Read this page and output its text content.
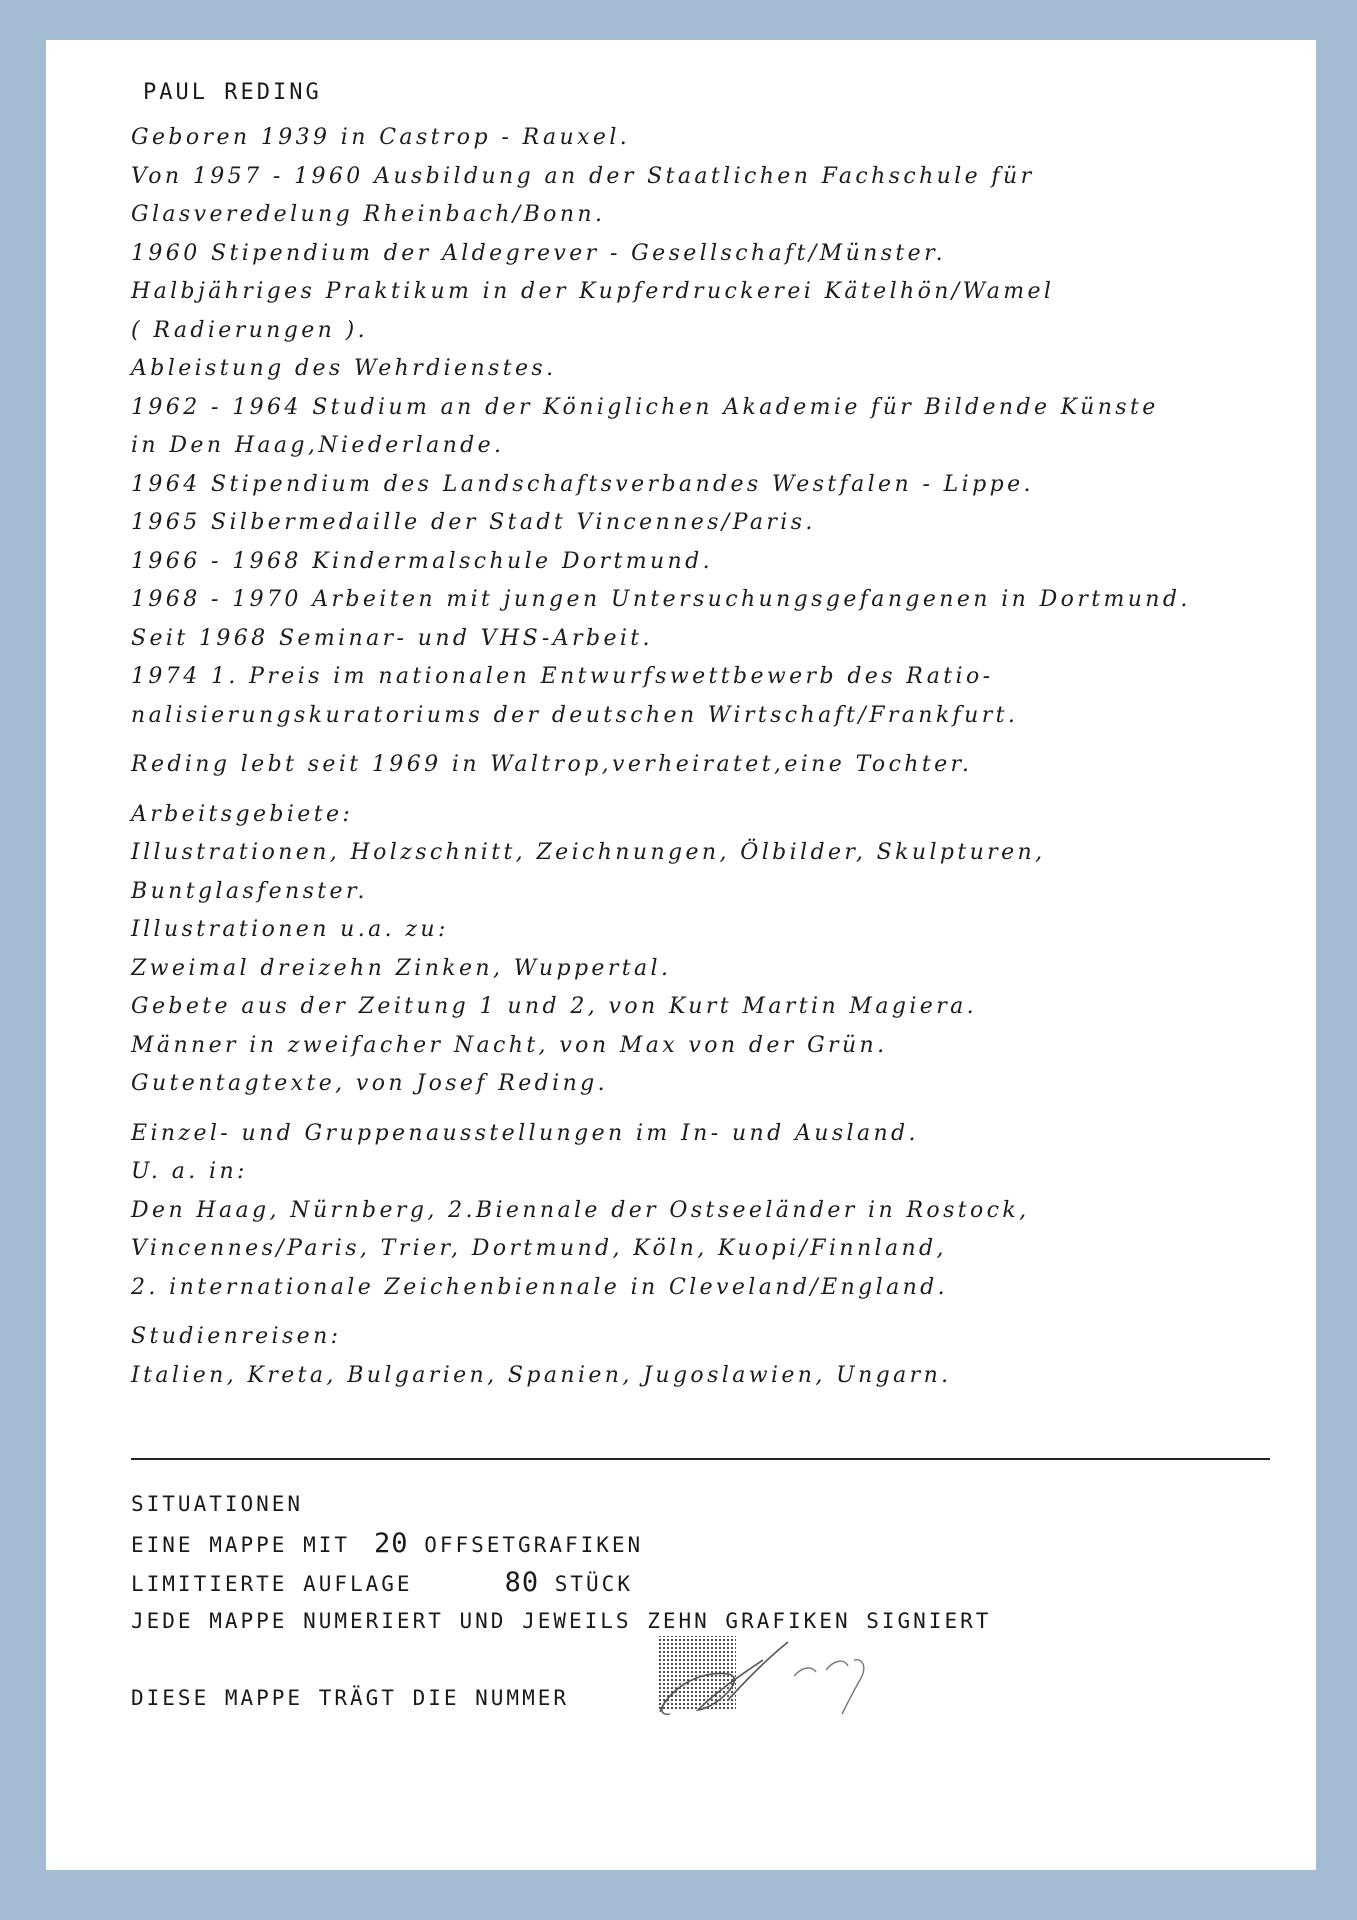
PAUL REDING
Geboren 1939 in Castrop - Rauxel.
Von 1957 - 1960 Ausbildung an der Staatlichen Fachschule für
Glasveredelung Rheinbach/Bonn.
1960 Stipendium der Aldegrever - Gesellschaft/Münster.
Halbjähriges Praktikum in der Kupferdruckerei Kätelhön/Wamel
( Radierungen ).
Ableistung des Wehrdienstes.
1962 - 1964 Studium an der Königlichen Akademie für Bildende Künste
in Den Haag,Niederlande.
1964 Stipendium des Landschaftsverbandes Westfalen - Lippe.
1965 Silbermedaille der Stadt Vincennes/Paris.
1966 - 1968 Kindermalschule Dortmund.
1968 - 1970 Arbeiten mit jungen Untersuchungsgefangenen in Dortmund.
Seit 1968 Seminar- und VHS-Arbeit.
1974 1. Preis im nationalen Entwurfswettbewerb des Ratio-
nalisierungskuratoriums der deutschen Wirtschaft/Frankfurt.
Reding lebt seit 1969 in Waltrop,verheiratet,eine Tochter.
Arbeitsgebiete:
Illustrationen, Holzschnitt, Zeichnungen, Ölbilder, Skulpturen,
Buntglasfenster.
Illustrationen u.a. zu:
Zweimal dreizehn Zinken, Wuppertal.
Gebete aus der Zeitung 1 und 2, von Kurt Martin Magiera.
Männer in zweifacher Nacht, von Max von der Grün.
Gutentagtexte, von Josef Reding.
Einzel- und Gruppenausstellungen im In- und Ausland.
U. a. in:
Den Haag, Nürnberg, 2.Biennale der Ostseeländer in Rostock,
Vincennes/Paris, Trier, Dortmund, Köln, Kuopi/Finnland,
2. internationale Zeichenbiennale in Cleveland/England.
Studienreisen:
Italien, Kreta, Bulgarien, Spanien, Jugoslawien, Ungarn.
SITUATIONEN
EINE MAPPE MIT 20 OFFSETGRAFIKEN
LIMITIERTE AUFLAGE	80 STÜCK
JEDE MAPPE NUMERIERT UND JEWEILS ZEHN GRAFIKEN SIGNIERT
DIESE MAPPE TRÄGT DIE NUMMER
